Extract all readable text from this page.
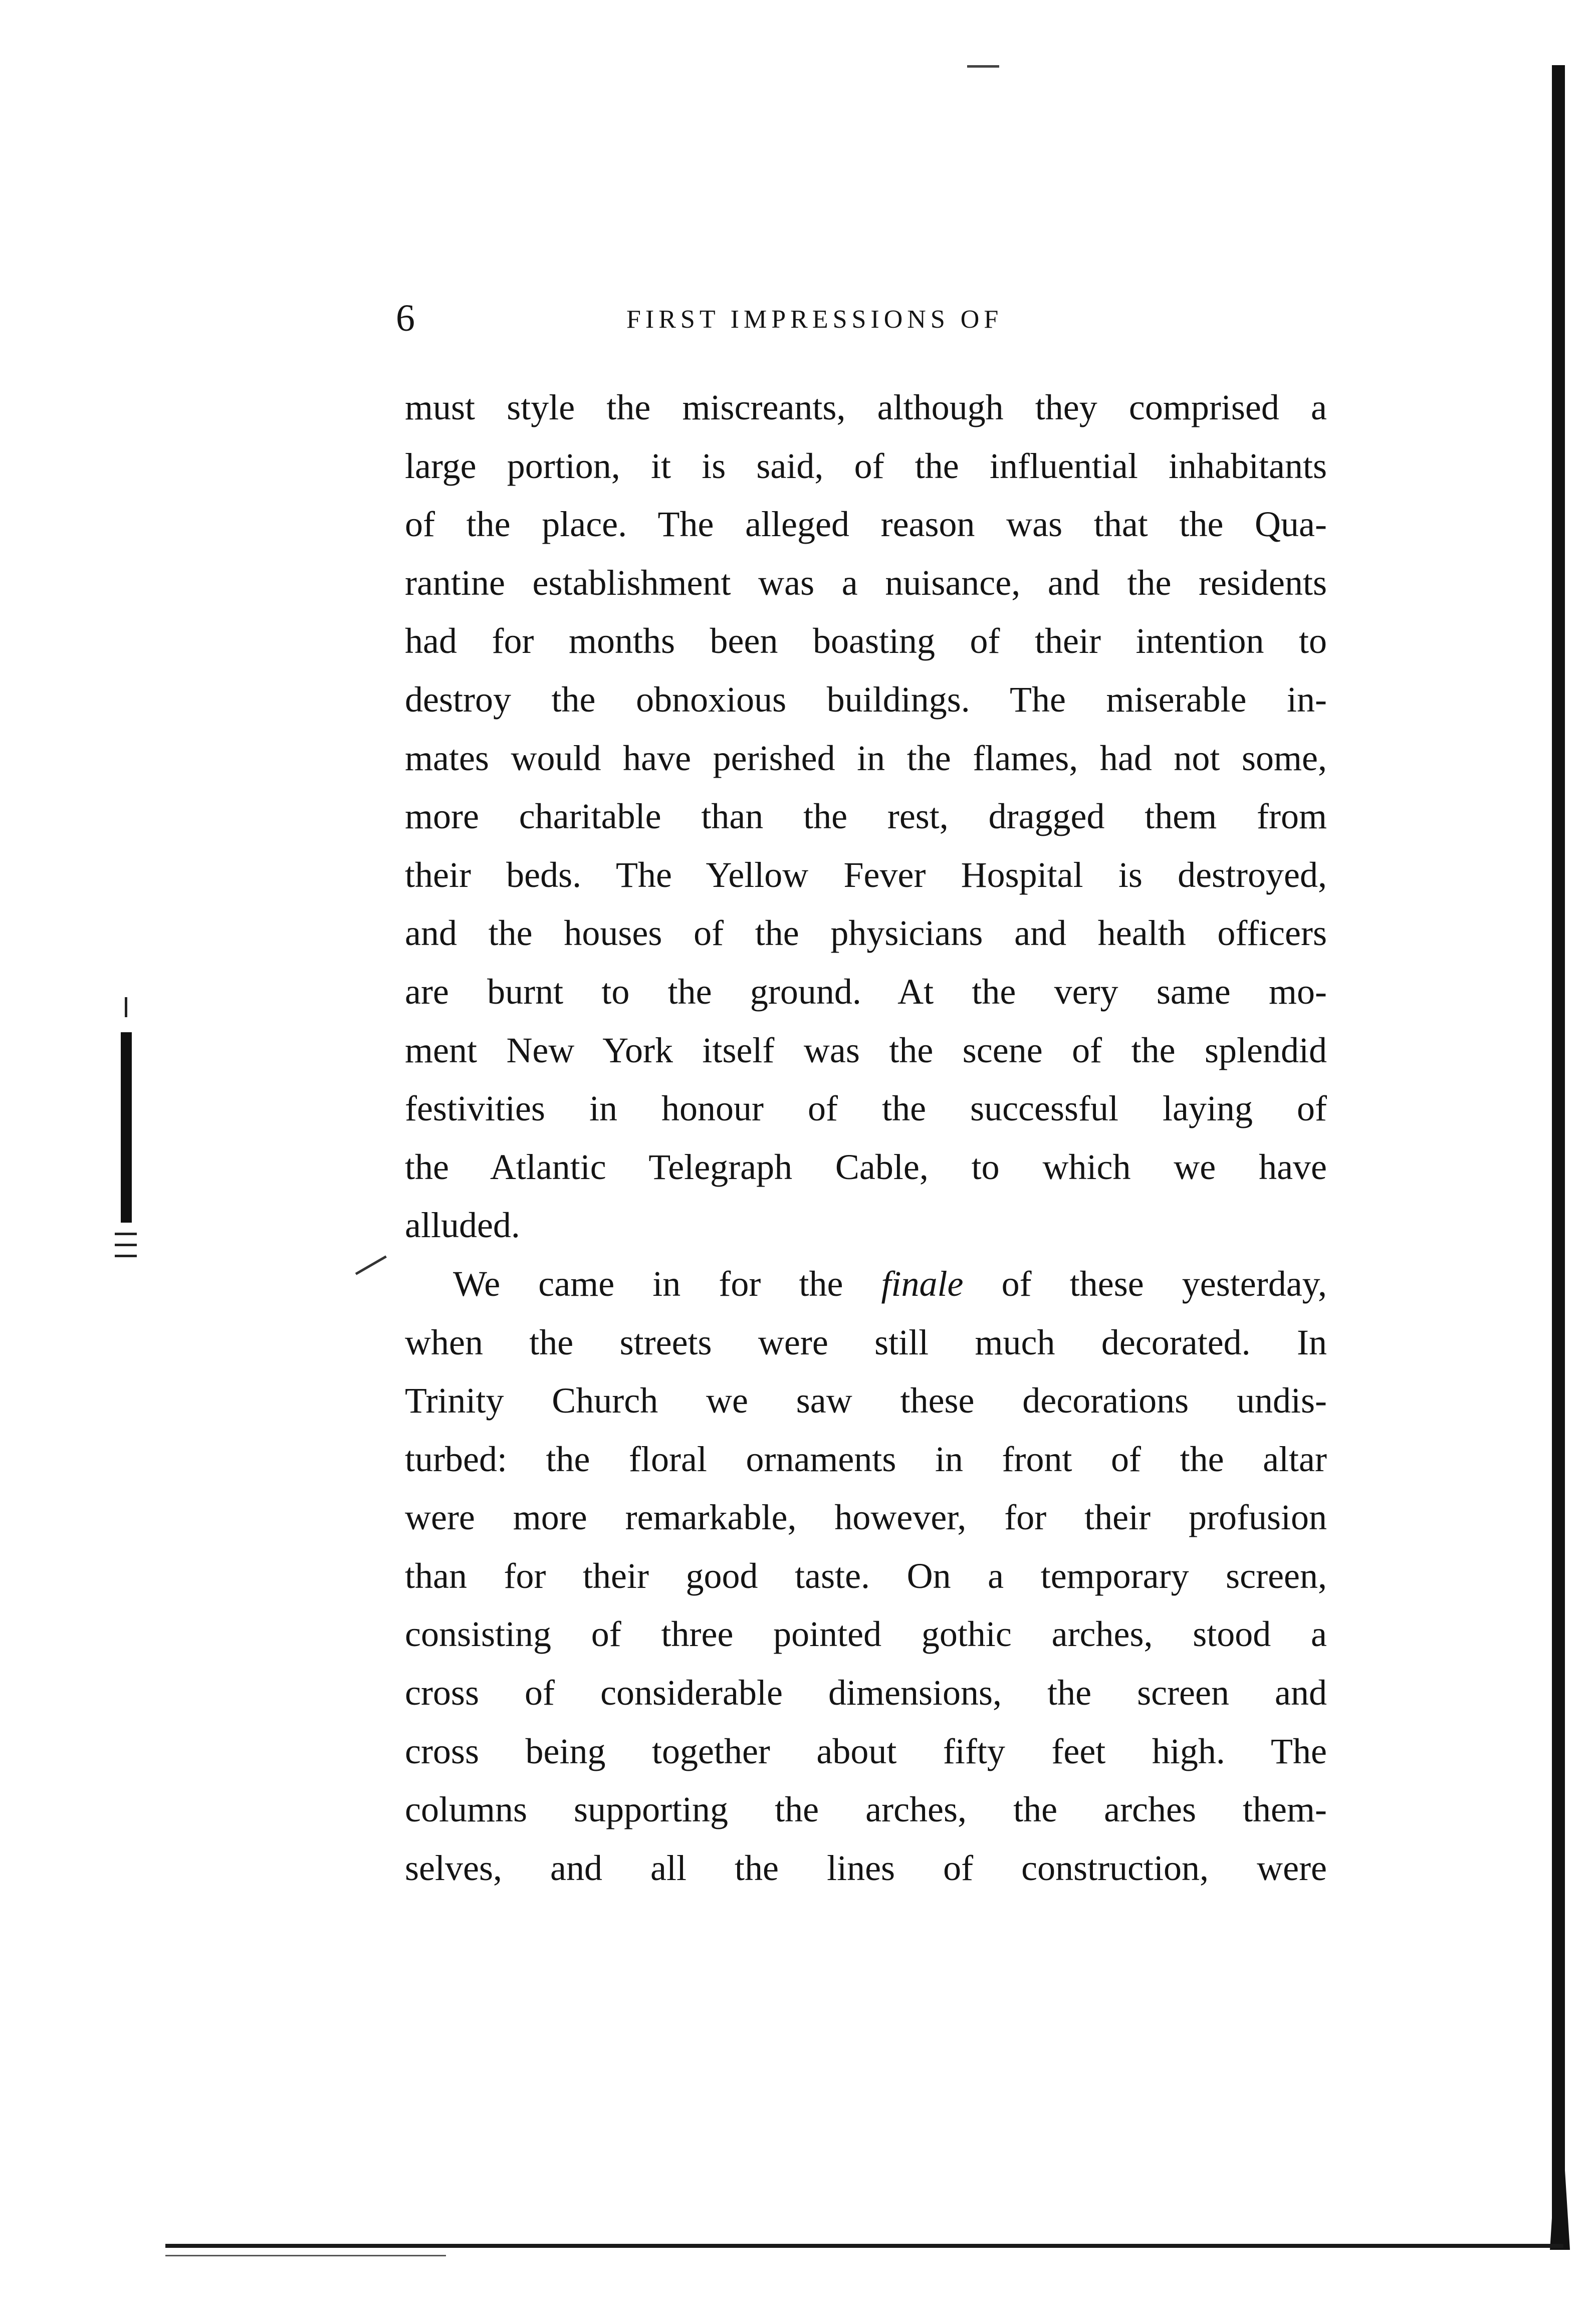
6	FIRST IMPRESSIONS OF
must style the miscreants, although they comprised a
large portion, it is said, of the influential inhabitants
of the place. The alleged reason was that the Qua-
rantine establishment was a nuisance, and the residents
had for months been boasting of their intention to
destroy the obnoxious buildings. The miserable in-
mates would have perished in the flames, had not some,
more charitable than the rest, dragged them from
their beds. The Yellow Fever Hospital is destroyed,
and the houses of the physicians and health officers
are burnt to the ground. At the very same mo-
ment New York itself was the scene of the splendid
festivities in honour of the successful laying of
the Atlantic Telegraph Cable, to which we have
alluded.
We came in for the finale of these yesterday,
when the streets were still much decorated. In
Trinity Church we saw these decorations undis-
turbed: the floral ornaments in front of the altar
were more remarkable, however, for their profusion
than for their good taste. On a temporary screen,
consisting of three pointed gothic arches, stood a
cross of considerable dimensions, the screen and
cross being together about fifty feet high. The
columns supporting the arches, the arches them-
selves, and all the lines of construction, were
